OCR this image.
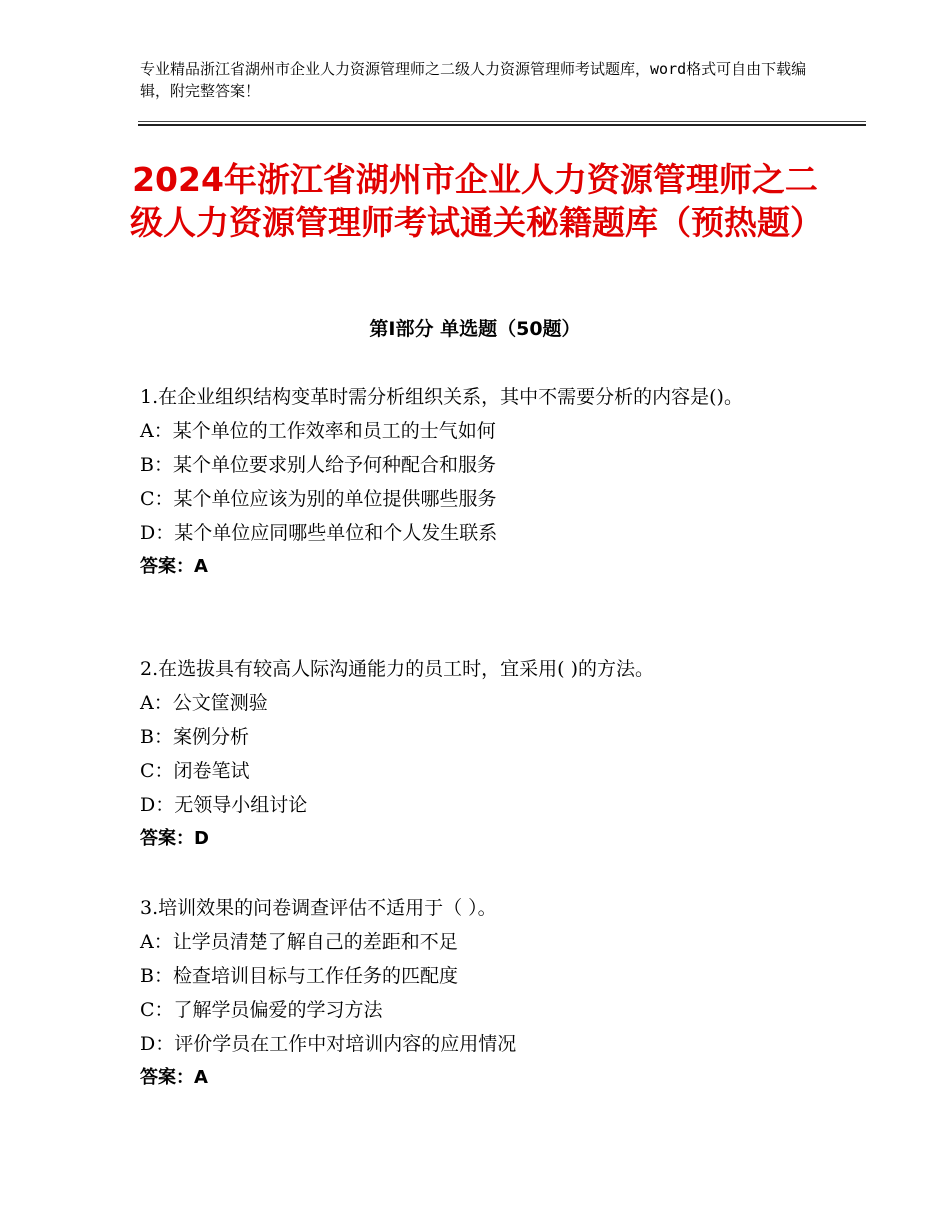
专业精品浙江省湖州市企业人力资源管理师之二级人力资源管理师考试题库，word格式可自由下载编辑，附完整答案！
2024年浙江省湖州市企业人力资源管理师之二级人力资源管理师考试通关秘籍题库（预热题）
第Ⅰ部分 单选题（50题）
1.在企业组织结构变革时需分析组织关系，其中不需要分析的内容是()。
A：某个单位的工作效率和员工的士气如何
B：某个单位要求别人给予何种配合和服务
C：某个单位应该为别的单位提供哪些服务
D：某个单位应同哪些单位和个人发生联系
答案：A
2.在选拔具有较高人际沟通能力的员工时，宜采用( )的方法。
A：公文筐测验
B：案例分析
C：闭卷笔试
D：无领导小组讨论
答案：D
3.培训效果的问卷调查评估不适用于（ ）。
A：让学员清楚了解自己的差距和不足
B：检查培训目标与工作任务的匹配度
C：了解学员偏爱的学习方法
D：评价学员在工作中对培训内容的应用情况
答案：A
